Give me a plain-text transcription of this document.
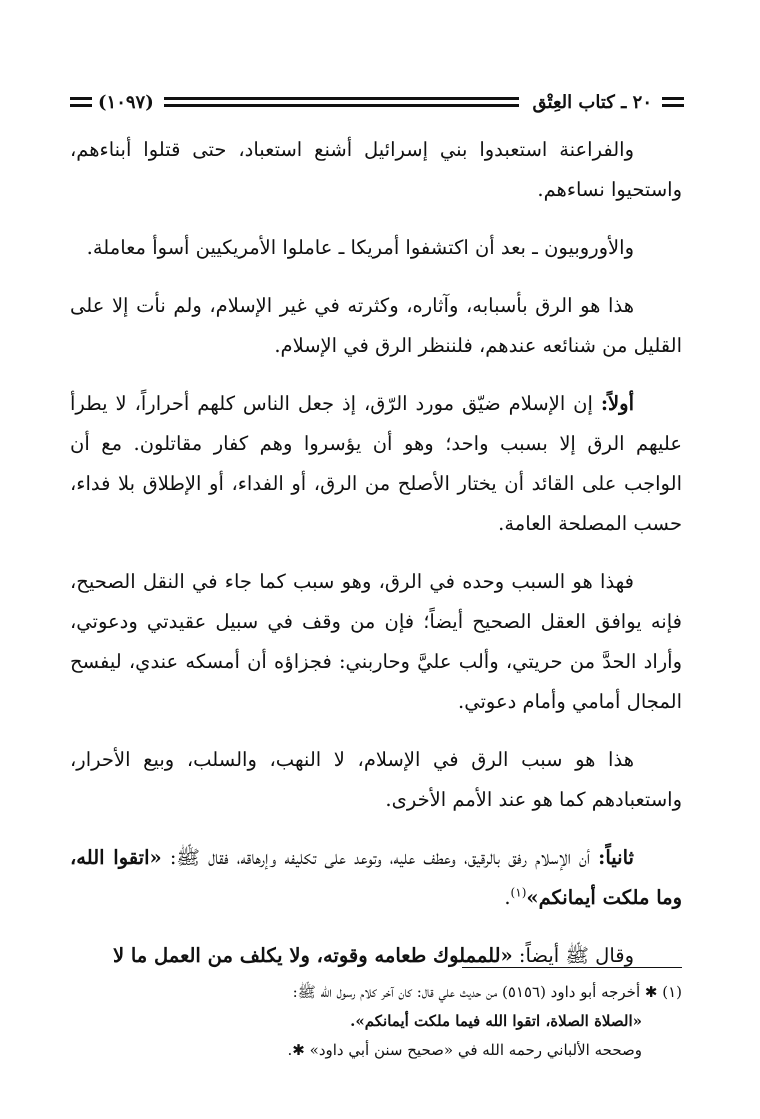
٢٠ ـ كتاب العِتْق
(١٠٩٧)

والفراعنة استعبدوا بني إسرائيل أشنع استعباد، حتى قتلوا أبناءهم، واستحيوا نساءهم.

والأوروبيون ـ بعد أن اكتشفوا أمريكا ـ عاملوا الأمريكيين أسوأ معاملة.

هذا هو الرق بأسبابه، وآثاره، وكثرته في غير الإسلام، ولم نأت إلا على القليل من شنائعه عندهم، فلننظر الرق في الإسلام.

أولاً: إن الإسلام ضيّق مورد الرّق، إذ جعل الناس كلهم أحراراً، لا يطرأ عليهم الرق إلا بسبب واحد؛ وهو أن يؤسروا وهم كفار مقاتلون. مع أن الواجب على القائد أن يختار الأصلح من الرق، أو الفداء، أو الإطلاق بلا فداء، حسب المصلحة العامة.

فهذا هو السبب وحده في الرق، وهو سبب كما جاء في النقل الصحيح، فإنه يوافق العقل الصحيح أيضاً؛ فإن من وقف في سبيل عقيدتي ودعوتي، وأراد الحدَّ من حريتي، وألب عليَّ وحاربني: فجزاؤه أن أمسكه عندي، ليفسح المجال أمامي وأمام دعوتي.

هذا هو سبب الرق في الإسلام، لا النهب، والسلب، وبيع الأحرار، واستعبادهم كما هو عند الأمم الأخرى.

ثانياً: أن الإسلام رفق بالرقيق، وعطف عليه، وتوعد على تكليفه وإرهاقه، فقال ﷺ: «اتقوا الله، وما ملكت أيمانكم»$^{(١)}$.

وقال ﷺ أيضاً: «للمملوك طعامه وقوته، ولا يكلف من العمل ما لا

(١) ✱ أخرجه أبو داود (٥١٥٦) من حديث علي قال: كان آخر كلام رسول الله ﷺ:
«الصلاة الصلاة، اتقوا الله فيما ملكت أيمانكم».
وصححه الألباني رحمه الله في «صحيح سنن أبي داود» ✱.
